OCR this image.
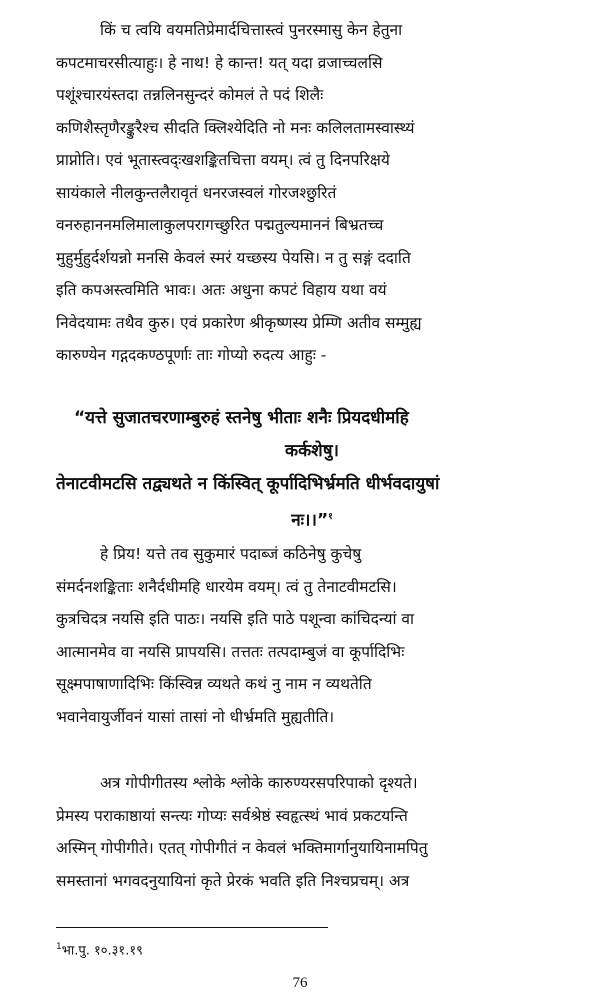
किं च त्वयि वयमतिप्रेमार्दचित्तास्त्वं पुनरस्मासु केन हेतुना
कपटमाचरसीत्याहुः। हे नाथ! हे कान्त! यत् यदा व्रजाच्चलसि
पशूंश्चारयंस्तदा तन्नलिनसुन्दरं कोमलं ते पदं शिलैः
कणिशैस्तृणैरङ्कुरैश्च सीदति क्लिश्येदिति नो मनः कलिलतामस्वास्थ्यं
प्राप्नोति। एवं भूतास्त्वद्ःखशङ्कितचित्ता वयम्। त्वं तु दिनपरिक्षये
सायंकाले नीलकुन्तलैरावृतं धनरजस्वलं गोरजश्छुरितं
वनरुहाननमलिमालाकुलपरागच्छुरित पद्मतुल्यमाननं बिभ्रतच्च
मुहुर्मुहुर्दर्शयन्नो मनसि केवलं स्मरं यच्छस्य पेयसि। न तु सङ्गं ददाति
इति कपअस्त्वमिति भावः। अतः अधुना कपटं विहाय यथा वयं
निवेदयामः तथैव कुरु। एवं प्रकारेण श्रीकृष्णस्य प्रेम्णि अतीव सम्मुह्य
कारुण्येन गद्गदकण्ठपूर्णाः ताः गोप्यो रुदत्य आहुः -
“यत्ते सुजातचरणाम्बुरुहं स्तनेषु भीताः शनैः प्रियदधीमहि
कर्कशेषु।
तेनाटवीमटसि तद्व्यथते न किंस्वित् कूर्पादिभिर्भ्रमति धीर्भवदायुषां
नः।।”$^१$
हे प्रिय! यत्ते तव सुकुमारं पदाब्जं कठिनेषु कुचेषु
संमर्दनशङ्किताः शनैर्दधीमहि धारयेम वयम्। त्वं तु तेनाटवीमटसि।
कुत्रचिदत्र नयसि इति पाठः। नयसि इति पाठे पशून्वा कांचिदन्यां वा
आत्मानमेव वा नयसि प्रापयसि। तत्ततः तत्पदाम्बुजं वा कूर्पादिभिः
सूक्ष्मपाषाणादिभिः किंस्विन्न व्यथते कथं नु नाम न व्यथतेति
भवानेवायुर्जीवनं यासां तासां नो धीर्भ्रमति मुह्यतीति।
अत्र गोपीगीतस्य श्लोके श्लोके कारुण्यरसपरिपाको दृश्यते।
प्रेमस्य पराकाष्ठायां सन्त्यः गोप्यः सर्वश्रेष्ठं स्वहृत्स्थं भावं प्रकटयन्ति
अस्मिन् गोपीगीते। एतत् गोपीगीतं न केवलं भक्तिमार्गानुयायिनामपितु
समस्तानां भगवदनुयायिनां कृते प्रेरकं भवति इति निश्चप्रचम्। अत्र
$^1$भा.पु. १०.३१.१९
76
